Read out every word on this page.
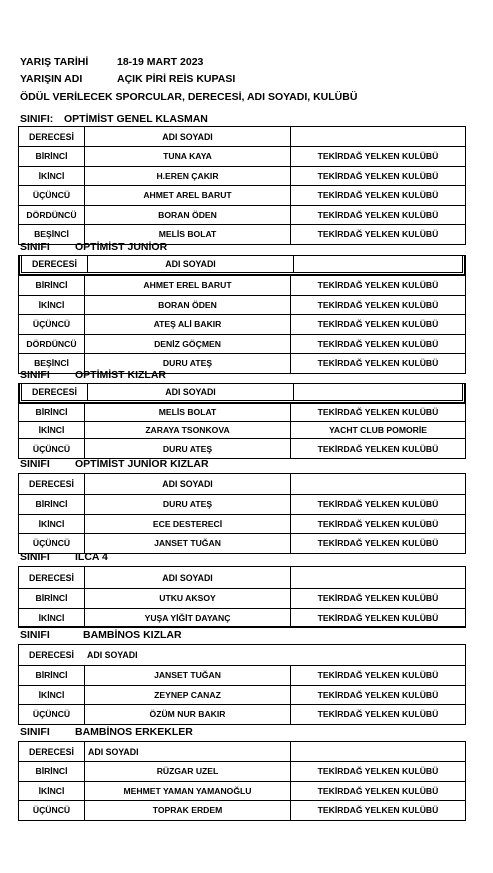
YARIŞ TARİHİ	18-19 MART 2023
YARIŞIN ADI	AÇIK PİRİ REİS KUPASI
ÖDÜL VERİLECEK SPORCULAR, DERECESİ, ADI SOYADI, KULÜBÜ
SINIFI: OPTİMİST GENEL KLASMAN
DERECESİ	ADI SOYADI
BİRİNCİ	TUNA KAYA	TEKİRDAĞ YELKEN KULÜBÜ
İKİNCİ	H.EREN ÇAKIR	TEKİRDAĞ YELKEN KULÜBÜ
ÜÇÜNCÜ	AHMET AREL BARUT	TEKİRDAĞ YELKEN KULÜBÜ
DÖRDÜNCÜ	BORAN ÖDEN	TEKİRDAĞ YELKEN KULÜBÜ
BEŞİNCİ	MELİS BOLAT	TEKİRDAĞ YELKEN KULÜBÜ
SINIFI OPTİMİST JUNİOR
DERECESİ	ADI SOYADI
BİRİNCİ	AHMET EREL BARUT	TEKİRDAĞ YELKEN KULÜBÜ
İKİNCİ	BORAN ÖDEN	TEKİRDAĞ YELKEN KULÜBÜ
ÜÇÜNCÜ	ATEŞ ALİ BAKIR	TEKİRDAĞ YELKEN KULÜBÜ
DÖRDÜNCÜ	DENİZ GÖÇMEN	TEKİRDAĞ YELKEN KULÜBÜ
BEŞİNCİ	DURU ATEŞ	TEKİRDAĞ YELKEN KULÜBÜ
SINIFI OPTİMİST KIZLAR
DERECESİ	ADI SOYADI
BİRİNCİ	MELİS BOLAT	TEKİRDAĞ YELKEN KULÜBÜ
İKİNCİ	ZARAYA TSONKOVA	YACHT CLUB POMORİE
ÜÇÜNCÜ	DURU ATEŞ	TEKİRDAĞ YELKEN KULÜBÜ
SINIFI OPTİMİST JUNİOR KIZLAR
DERECESİ	ADI SOYADI
BİRİNCİ	DURU ATEŞ	TEKİRDAĞ YELKEN KULÜBÜ
İKİNCİ	ECE DESTERECİ	TEKİRDAĞ YELKEN KULÜBÜ
ÜÇÜNCÜ	JANSET TUĞAN	TEKİRDAĞ YELKEN KULÜBÜ
SINIFI ILCA 4
DERECESİ	ADI SOYADI
BİRİNCİ	UTKU AKSOY	TEKİRDAĞ YELKEN KULÜBÜ
İKİNCİ	YUŞA YİĞİT DAYANÇ	TEKİRDAĞ YELKEN KULÜBÜ
SINIFI	BAMBİNOS KIZLAR
DERECESİ	ADI SOYADI
BİRİNCİ	JANSET TUĞAN	TEKİRDAĞ YELKEN KULÜBÜ
İKİNCİ	ZEYNEP CANAZ	TEKİRDAĞ YELKEN KULÜBÜ
ÜÇÜNCÜ	ÖZÜM NUR BAKIR	TEKİRDAĞ YELKEN KULÜBÜ
SINIFI BAMBİNOS ERKEKLER
DERECESİ	ADI SOYADI
BİRİNCİ	RÜZGAR UZEL	TEKİRDAĞ YELKEN KULÜBÜ
İKİNCİ	MEHMET YAMAN YAMANOĞLU	TEKİRDAĞ YELKEN KULÜBÜ
ÜÇÜNCÜ	TOPRAK ERDEM	TEKİRDAĞ YELKEN KULÜBÜ
